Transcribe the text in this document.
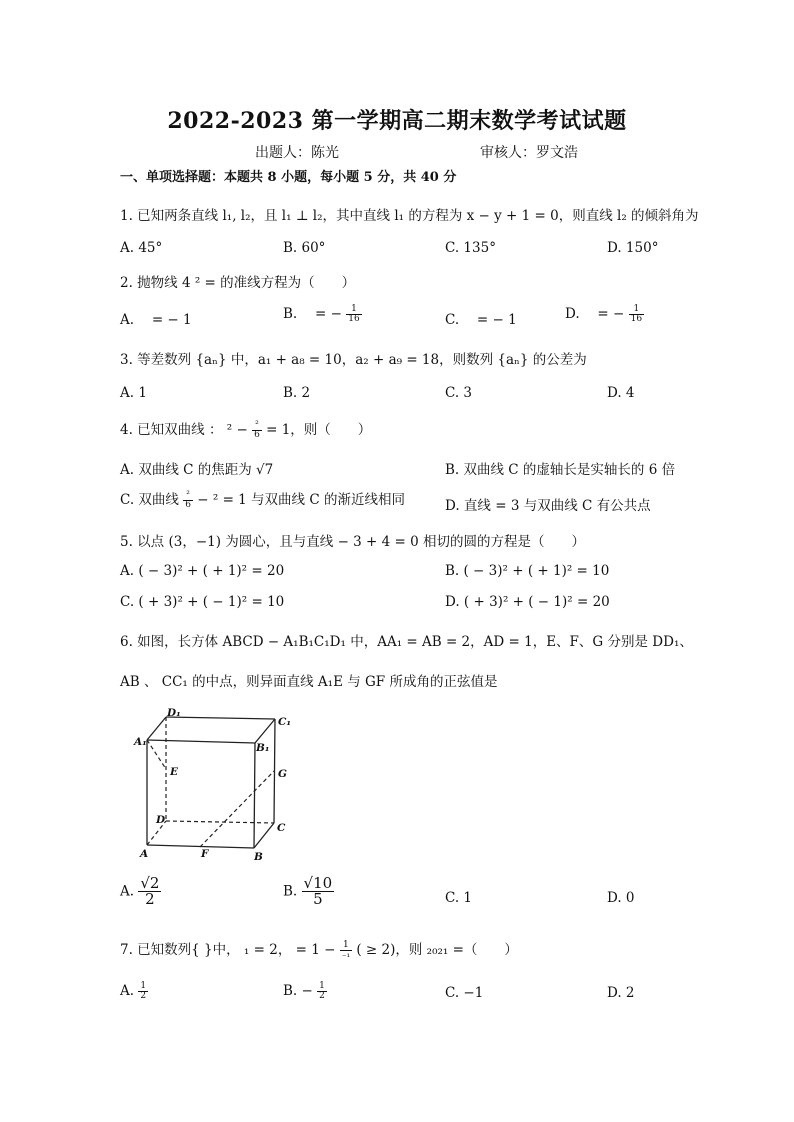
2022-2023 第一学期高二期末数学考试试题
出题人：陈光	审核人：罗文浩
一、单项选择题：本题共 8 小题，每小题 5 分，共 40 分
1. 已知两条直线 l₁, l₂，且 l₁ ⊥ l₂，其中直线 l₁ 的方程为 x − y + 1 = 0，则直线 l₂ 的倾斜角为
A. 45°	B. 60°	C. 135°	D. 150°
2. 抛物线 4 ² = 的准线方程为（　　）
A. 　= − 1	B. 　= − $\frac{1}{16}$	C. 　= − 1	D. 　= − $\frac{1}{16}$
3. 等差数列 {aₙ} 中，a₁ + a₈ = 10，a₂ + a₉ = 18，则数列 {aₙ} 的公差为
A. 1	B. 2	C. 3	D. 4
4. 已知双曲线 ： $^2 - \frac{\text{²}}{6} = 1$，则（　　）
A. 双曲线 C 的焦距为 √7	B. 双曲线 C 的虚轴长是实轴长的 6 倍
C. 双曲线 $\frac{\text{²}}{6} - ^2 = 1$ 与双曲线 C 的渐近线相同	D. 直线 = 3 与双曲线 C 有公共点
5. 以点 (3，−1) 为圆心，且与直线 − 3 + 4 = 0 相切的圆的方程是（　　）
A. ( − 3)² + ( + 1)² = 20	B. ( − 3)² + ( + 1)² = 10
C. ( + 3)² + ( − 1)² = 10	D. ( + 3)² + ( − 1)² = 20
6. 如图，长方体 ABCD − A₁B₁C₁D₁ 中，AA₁ = AB = 2，AD = 1，E、F、G 分别是 DD₁、
AB 、 CC₁ 的中点，则异面直线 A₁E 与 GF 所成角的正弦值是
D₁
C₁
A₁	B₁
E	G
D
C
A	F	B
A. $\frac{√2}{2}$	B. $\frac{√10}{5}$	C. 1	D. 0
7. 已知数列{ }中， ₁ = 2， = $1 - \frac{1}{\text{₋₁}}$ ( ≥ 2)，则 ₂₀₂₁ =（　　）
A. $\frac{1}{2}$	B. − $\frac{1}{2}$	C. −1	D. 2
